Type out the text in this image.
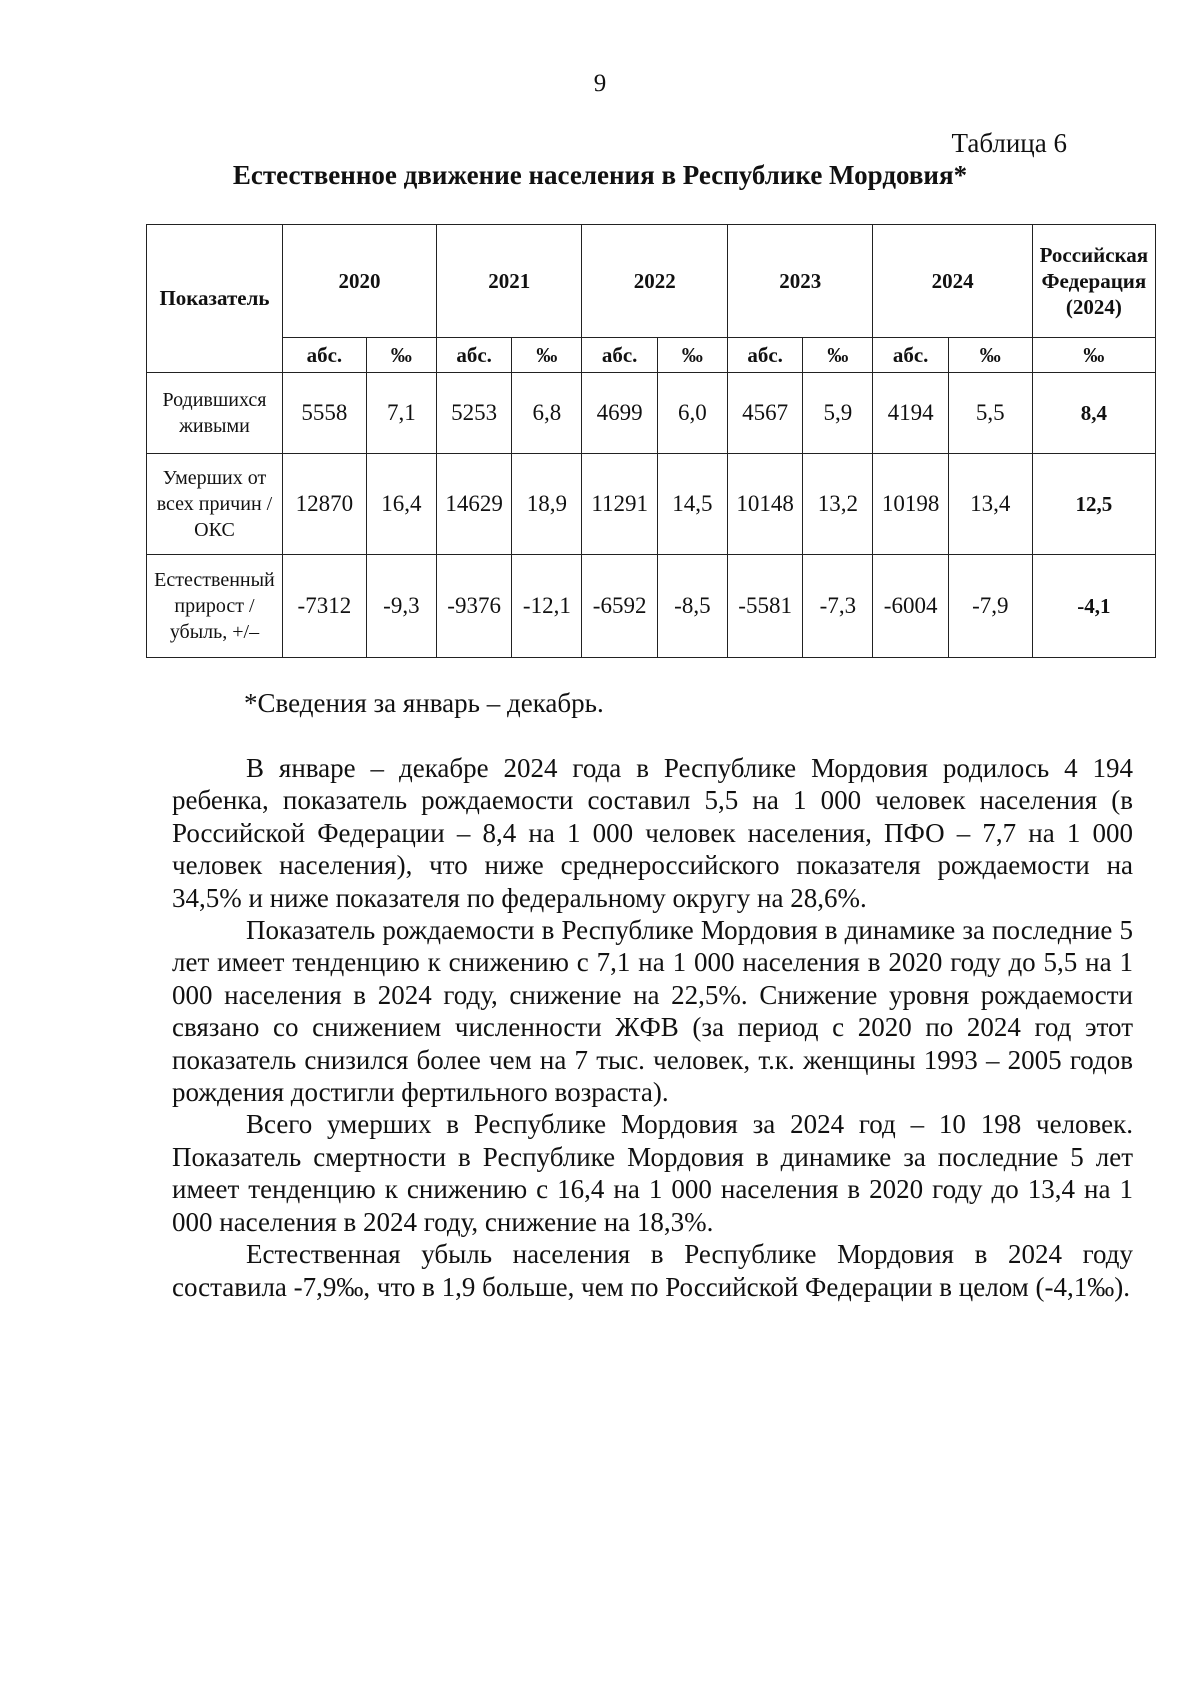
9
Таблица 6
Естественное движение населения в Республике Мордовия*
Показатель	2020		2021		2022		2023		2024		Российская Федерация (2024)
	абс.	‰	абс.	‰	абс.	‰	абс.	‰	абс.	‰	‰
Родившихся живыми	5558	7,1	5253	6,8	4699	6,0	4567	5,9	4194	5,5	8,4
Умерших от всех причин / ОКС	12870	16,4	14629	18,9	11291	14,5	10148	13,2	10198	13,4	12,5
Естественный прирост / убыль, +/–	-7312	-9,3	-9376	-12,1	-6592	-8,5	-5581	-7,3	-6004	-7,9	-4,1
*Сведения за январь – декабрь.

В январе – декабре 2024 года в Республике Мордовия родилось 4 194 ребенка, показатель рождаемости составил 5,5 на 1 000 человек населения (в Российской Федерации – 8,4 на 1 000 человек населения, ПФО – 7,7 на 1 000 человек населения), что ниже среднероссийского показателя рождаемости на 34,5% и ниже показателя по федеральному округу на 28,6%.

Показатель рождаемости в Республике Мордовия в динамике за последние 5 лет имеет тенденцию к снижению с 7,1 на 1 000 населения в 2020 году до 5,5 на 1 000 населения в 2024 году, снижение на 22,5%. Снижение уровня рождаемости связано со снижением численности ЖФВ (за период с 2020 по 2024 год этот показатель снизился более чем на 7 тыс. человек, т.к. женщины 1993 – 2005 годов рождения достигли фертильного возраста).

Всего умерших в Республике Мордовия за 2024 год – 10 198 человек. Показатель смертности в Республике Мордовия в динамике за последние 5 лет имеет тенденцию к снижению с 16,4 на 1 000 населения в 2020 году до 13,4 на 1 000 населения в 2024 году, снижение на 18,3%.

Естественная убыль населения в Республике Мордовия в 2024 году составила -7,9‰, что в 1,9 больше, чем по Российской Федерации в целом (-4,1‰).
